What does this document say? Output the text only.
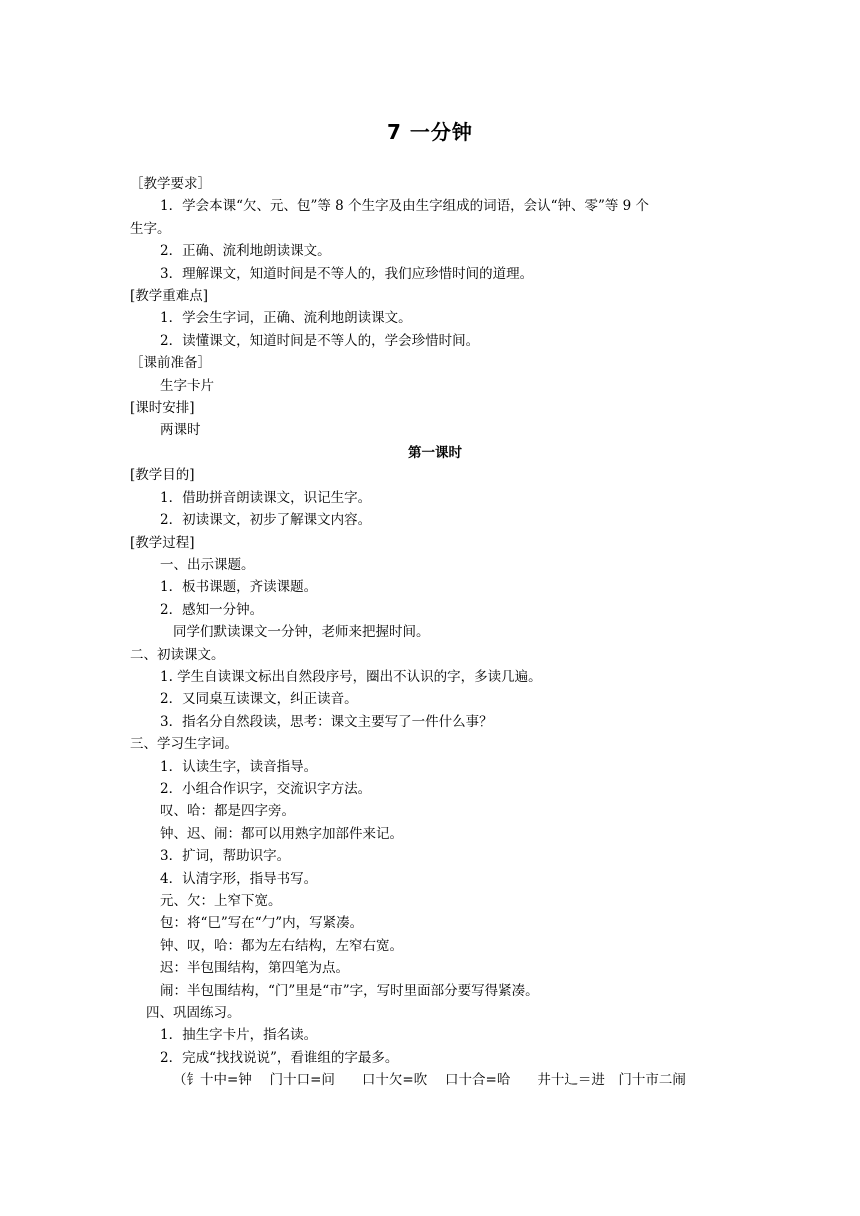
7 一分钟
［教学要求］
1．学会本课“欠、元、包”等 8 个生字及由生字组成的词语，会认“钟、零”等 9 个
生字。
2．正确、流利地朗读课文。
3．理解课文，知道时间是不等人的，我们应珍惜时间的道理。
[教学重难点]
1．学会生字词，正确、流利地朗读课文。
2．读懂课文，知道时间是不等人的，学会珍惜时间。
［课前准备］
生字卡片
[课时安排]
两课时
第一课时
[教学目的]
1．借助拼音朗读课文，识记生字。
2．初读课文，初步了解课文内容。
[教学过程]
一、出示课题。
1．板书课题，齐读课题。
2．感知一分钟。
同学们默读课文一分钟，老师来把握时间。
二、初读课文。
1. 学生自读课文标出自然段序号，圈出不认识的字，多读几遍。
2．又同桌互读课文，纠正读音。
3．指名分自然段读，思考：课文主要写了一件什么事？
三、学习生字词。
1．认读生字，读音指导。
2．小组合作识字，交流识字方法。
叹、哈：都是四字旁。
钟、迟、闹：都可以用熟字加部件来记。
3．扩词，帮助识字。
4．认清字形，指导书写。
元、欠：上窄下宽。
包：将“巳”写在“勹”内，写紧凑。
钟、叹，哈：都为左右结构，左窄右宽。
迟：半包围结构，第四笔为点。
闹：半包围结构，“门”里是“市”字，写时里面部分要写得紧凑。
四、巩固练习。
1．抽生字卡片，指名读。
2．完成“找找说说”，看谁组的字最多。
（钅十中=钟　 门十口=问　　口十欠=吹　 口十合=哈　　井十辶＝进　门十市二闹
